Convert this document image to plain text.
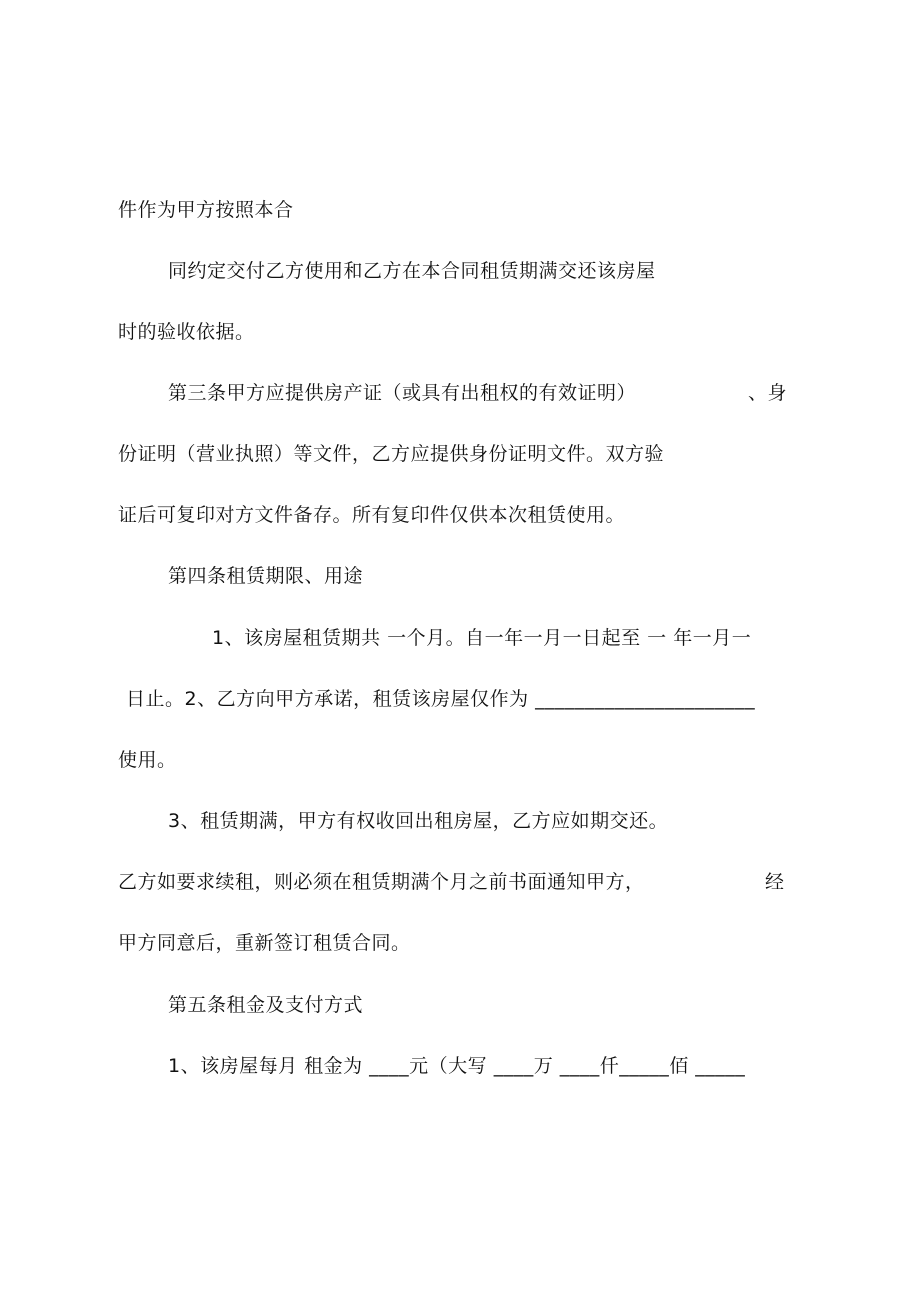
件作为甲方按照本合
同约定交付乙方使用和乙方在本合同租赁期满交还该房屋
时的验收依据。
第三条甲方应提供房产证（或具有出租权的有效证明）	、身
份证明（营业执照）等文件，乙方应提供身份证明文件。双方验
证后可复印对方文件备存。所有复印件仅供本次租赁使用。
第四条租赁期限、用途
1、该房屋租赁期共 一个月。自一年一月一日起至 一 年一月一
日止。2、乙方向甲方承诺，租赁该房屋仅作为 ______________________
使用。
3、租赁期满，甲方有权收回出租房屋，乙方应如期交还。
乙方如要求续租，则必须在租赁期满个月之前书面通知甲方，	经
甲方同意后，重新签订租赁合同。
第五条租金及支付方式
1、该房屋每月 租金为 ____元（大写 ____万 ____仟_____佰 _____
